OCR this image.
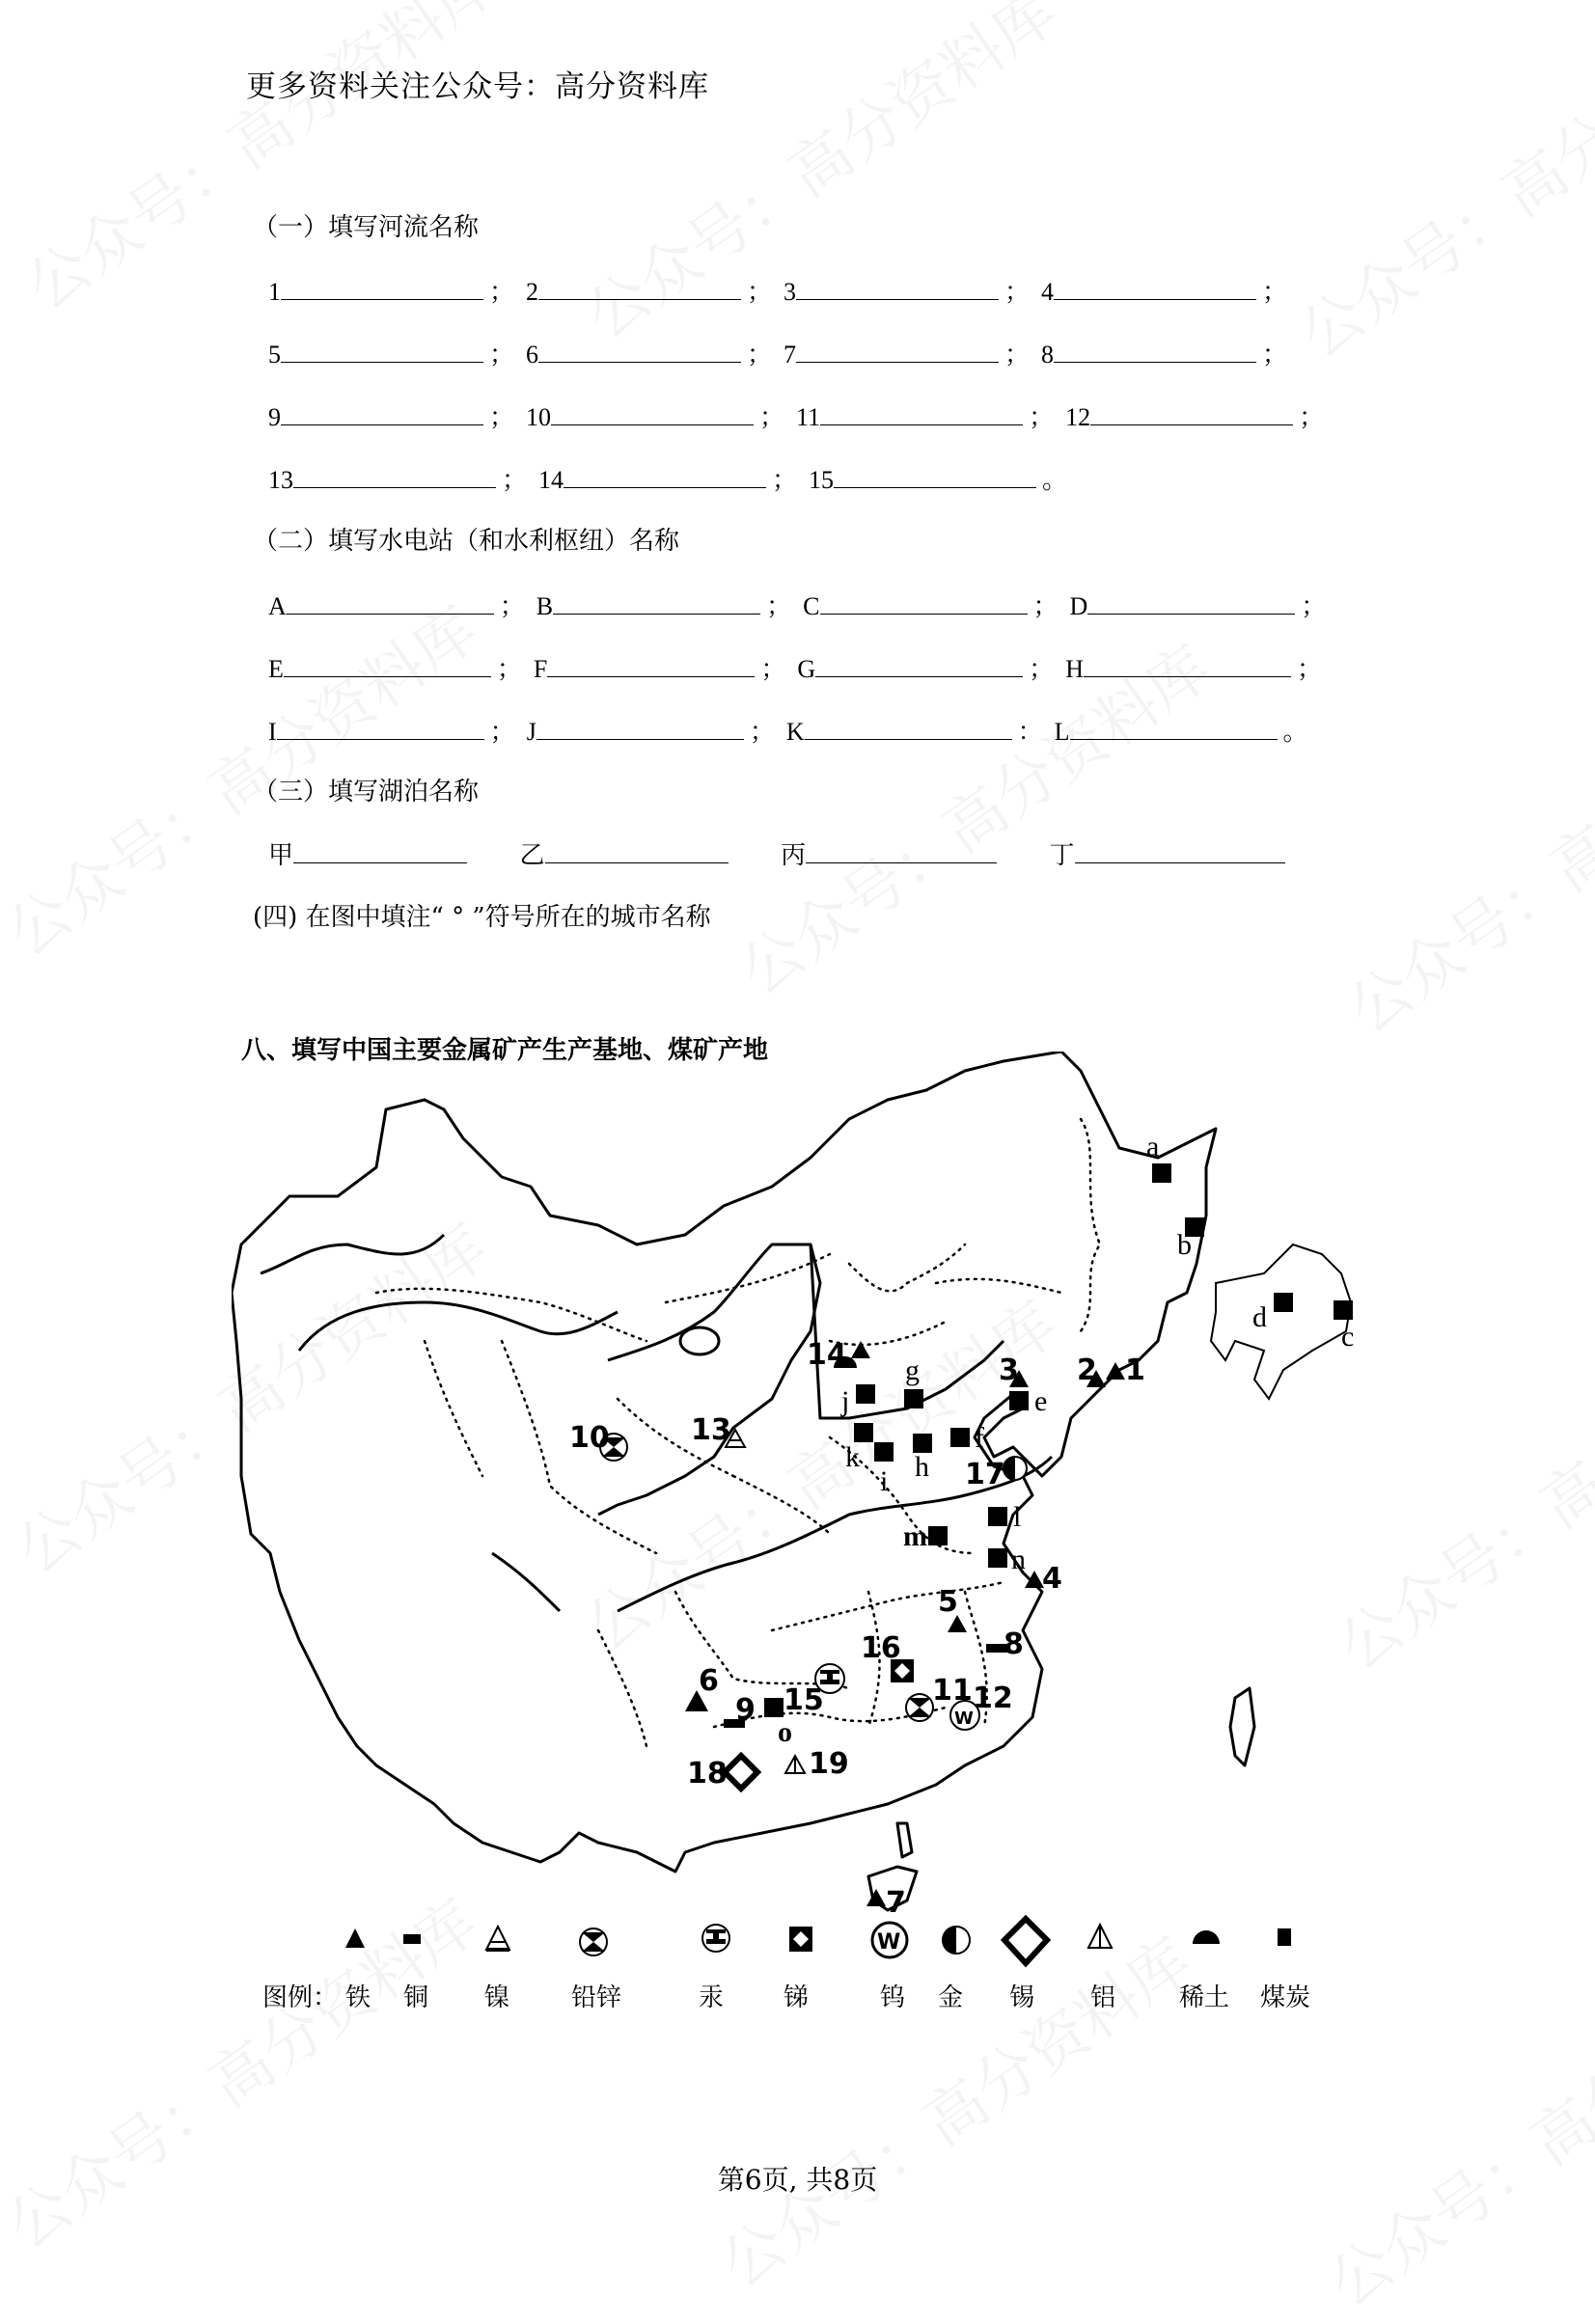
更多资料关注公众号：高分资料库
（一）填写河流名称
1	； 2	； 3	； 4	；
5	； 6	； 7	； 8	；
9	； 10	； 11	； 12	；
13	； 14	； 15	。
（二）填写水电站（和水利枢纽）名称
A	； B	； C	； D	；
E	； F	； G	； H	；
I	； J	； K	： L	。
（三）填写湖泊名称
甲	乙	丙	丁
(四) 在图中填注“ ° ”符号所在的城市名称
八、填写中国主要金属矿产生产基地、煤矿产地
a
b
c
d
e
f
g
h
i
j
k
l
m
n
o	W
1
2
3
4
5
6
7
8
9
10
11 12
13
14
15
16
17
18	19
W
图例： 铁 铜 镍 铅锌	汞 锑	钨 金 锡 铝	稀土 煤炭
第6页, 共8页
